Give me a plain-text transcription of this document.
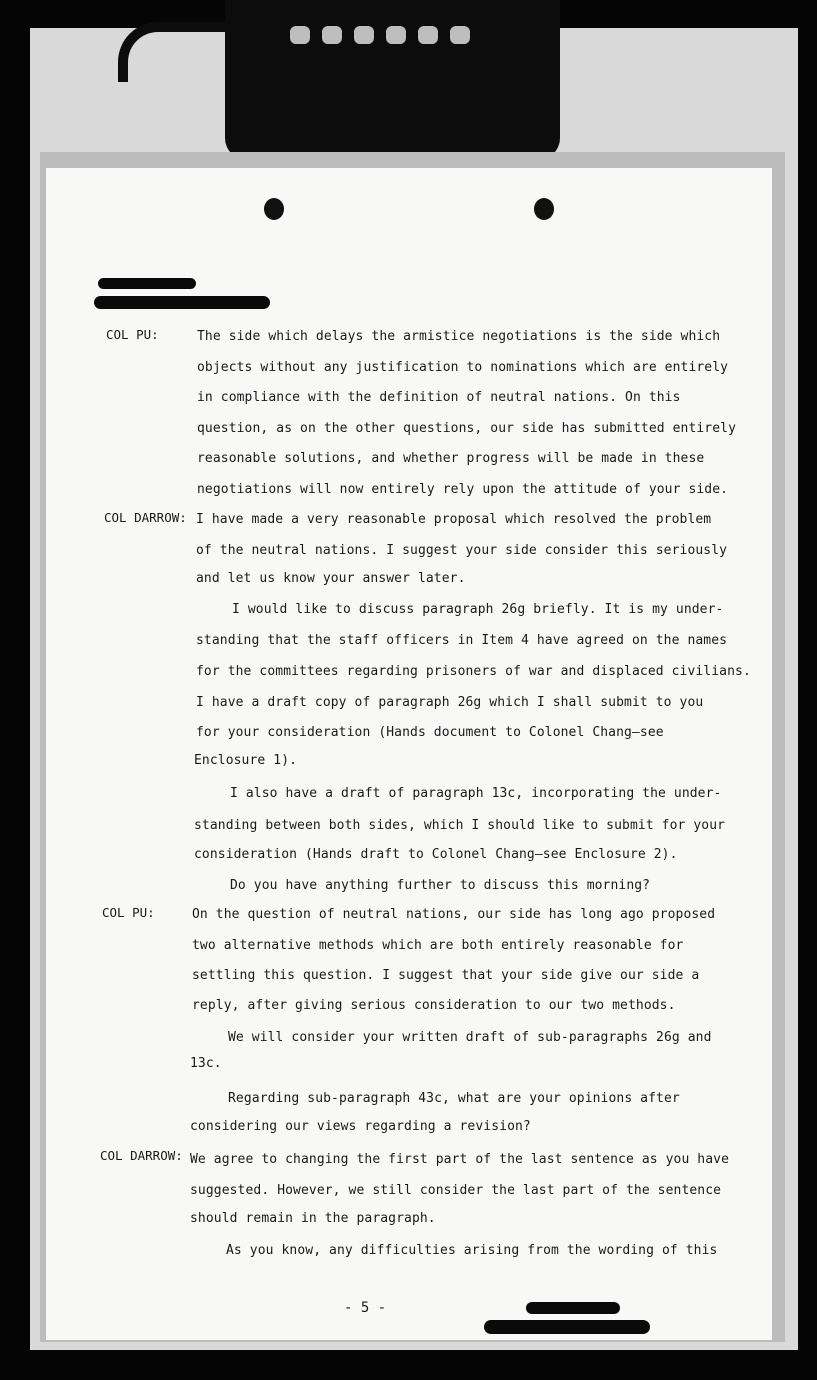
COL PU:	The side which delays the armistice negotiations is the side which
objects without any justification to nominations which are entirely
in compliance with the definition of neutral nations. On this
question, as on the other questions, our side has submitted entirely
reasonable solutions, and whether progress will be made in these
negotiations will now entirely rely upon the attitude of your side.
COL DARROW: I have made a very reasonable proposal which resolved the problem
of the neutral nations. I suggest your side consider this seriously
and let us know your answer later.
I would like to discuss paragraph 26g briefly. It is my under-
standing that the staff officers in Item 4 have agreed on the names
for the committees regarding prisoners of war and displaced civilians.
I have a draft copy of paragraph 26g which I shall submit to you
for your consideration (Hands document to Colonel Chang—see
Enclosure 1).
I also have a draft of paragraph 13c, incorporating the under-
standing between both sides, which I should like to submit for your
consideration (Hands draft to Colonel Chang—see Enclosure 2).
Do you have anything further to discuss this morning?
COL PU:	On the question of neutral nations, our side has long ago proposed
two alternative methods which are both entirely reasonable for
settling this question. I suggest that your side give our side a
reply, after giving serious consideration to our two methods.
We will consider your written draft of sub-paragraphs 26g and
13c.
Regarding sub-paragraph 43c, what are your opinions after
considering our views regarding a revision?
COL DARROW: We agree to changing the first part of the last sentence as you have
suggested. However, we still consider the last part of the sentence
should remain in the paragraph.
As you know, any difficulties arising from the wording of this
- 5 -
